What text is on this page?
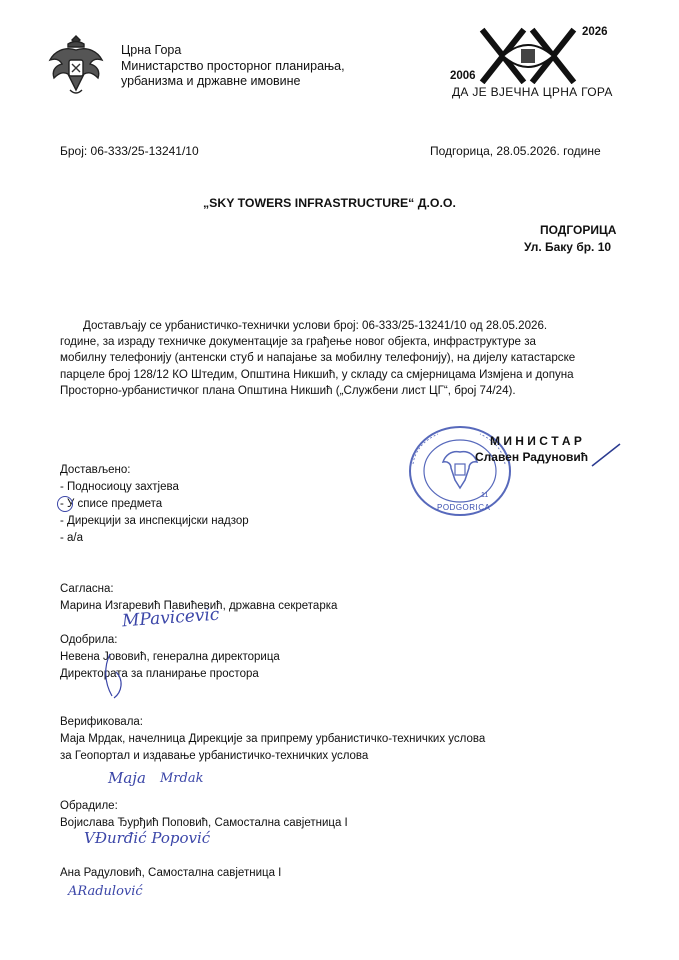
Црна Гора
Министарство просторног планирања,
урбанизма и државне имовине
2026
2006
ДА ЈЕ ВЈЕЧНА ЦРНА ГОРА
Број: 06-333/25-13241/10	Подгорица, 28.05.2026. године
„SKY TOWERS INFRASTRUCTURE“ Д.О.О.
ПОДГОРИЦА
Ул. Баку бр. 10
Достављају се урбанистичко-технички услови број: 06-333/25-13241/10 од 28.05.2026.
године, за израду техничке документације за грађење новог објекта, инфраструктуре за
мобилну телефонију (антенски стуб и напајање за мобилну телефонију), на дијелу катастарске
парцеле број 128/12 КО Штедим, Општина Никшић, у складу са смјерницама Измјена и допуна
Просторно-урбанистичког плана Општина Никшић („Службени лист ЦГ“, број 74/24).
11
PODGORICA
М И Н И С Т А Р
Славен Радуновић
Достављено:
- Подносиоцу захтјева
- У списе предмета
- Дирекцији за инспекцијски надзор
- а/а
Сагласна:
Марина Изгаревић Павићевић, државна секретарка
MPavicevic
Одобрила:
Невена Јововић, генерална директорица
Директората за планирање простора
Верификовала:
Маја Мрдак, начелница Дирекције за припрему урбанистичко-техничких услова
за Геопортал и издавање урбанистичко-техничких услова
Maja Mrdak
Обрадиле:
Војислава Ђурђић Поповић, Самостална савјетница I
VĐurđić Popović
Ана Радуловић, Самостална савјетница I
ARadulović
